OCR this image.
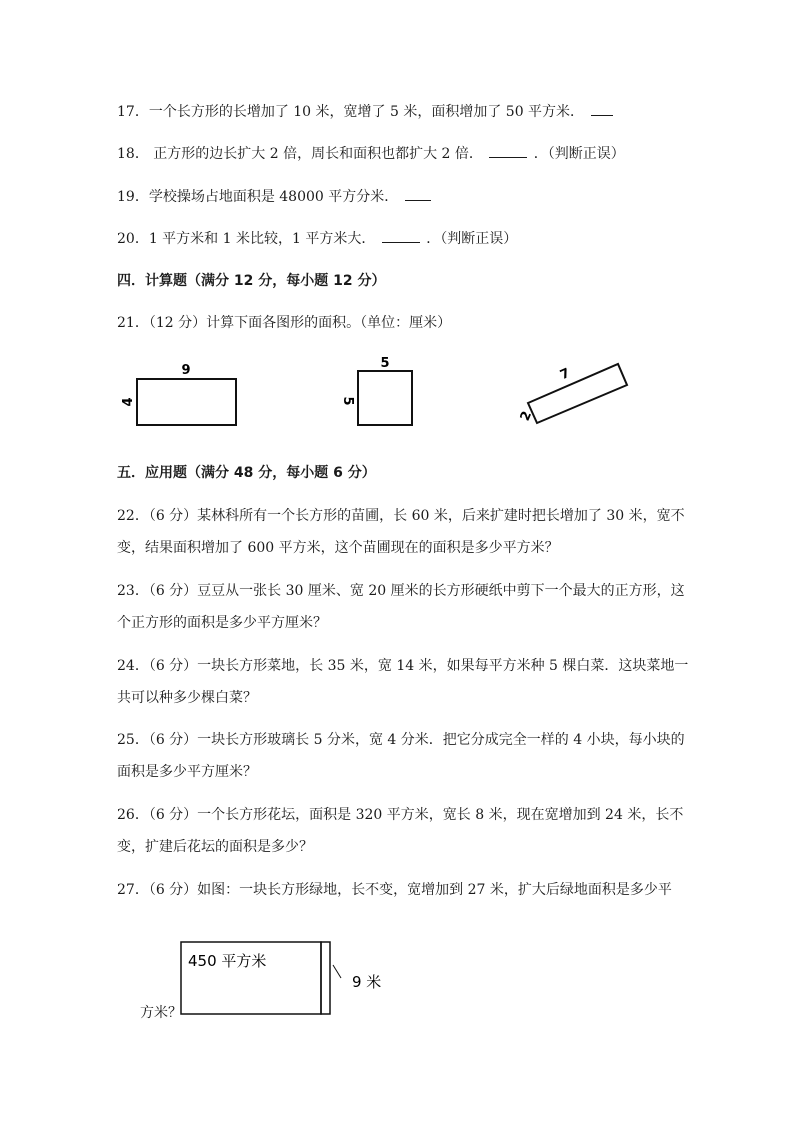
17．一个长方形的长增加了 10 米，宽增了 5 米，面积增加了 50 平方米．
18． 正方形的边长扩大 2 倍，周长和面积也都扩大 2 倍．	．（判断正误）
19．学校操场占地面积是 48000 平方分米．
20．1 平方米和 1 米比较，1 平方米大．	．（判断正误）
四．计算题（满分 12 分，每小题 12 分）
21．（12 分）计算下面各图形的面积。（单位：厘米）
9
4
5
5
7
2
五．应用题（满分 48 分，每小题 6 分）
22．（6 分）某林科所有一个长方形的苗圃，长 60 米，后来扩建时把长增加了 30 米，宽不
变，结果面积增加了 600 平方米，这个苗圃现在的面积是多少平方米？
23．（6 分）豆豆从一张长 30 厘米、宽 20 厘米的长方形硬纸中剪下一个最大的正方形，这
个正方形的面积是多少平方厘米？
24．（6 分）一块长方形菜地，长 35 米，宽 14 米，如果每平方米种 5 棵白菜．这块菜地一
共可以种多少棵白菜？
25．（6 分）一块长方形玻璃长 5 分米，宽 4 分米．把它分成完全一样的 4 小块，每小块的
面积是多少平方厘米？
26．（6 分）一个长方形花坛，面积是 320 平方米，宽长 8 米，现在宽增加到 24 米，长不
变，扩建后花坛的面积是多少？
27．（6 分）如图：一块长方形绿地，长不变，宽增加到 27 米，扩大后绿地面积是多少平
450 平方米
9 米
方米？
